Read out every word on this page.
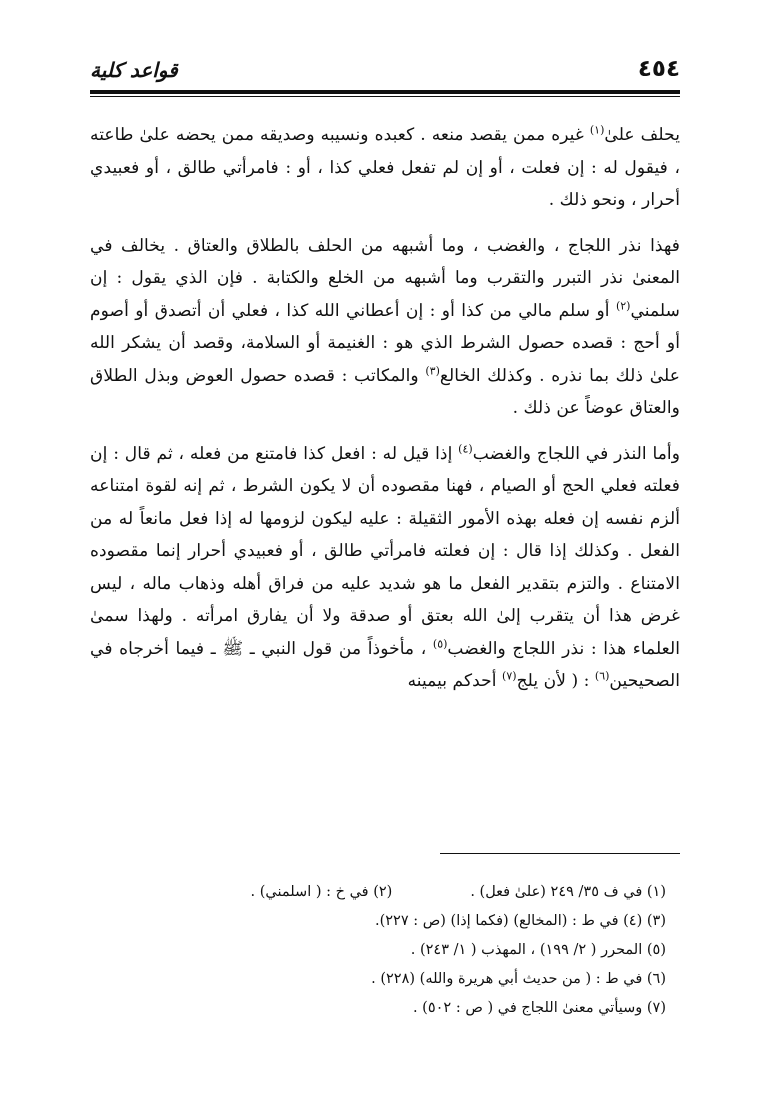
٤٥٤
قواعد كلية

يحلف علىٰ$^{(١)}$ غيره ممن يقصد منعه . كعبده ونسيبه وصديقه ممن يحضه علىٰ طاعته ، فيقول له : إن فعلت ، أو إن لم تفعل فعلي كذا ، أو : فامرأتي طالق ، أو فعبيدي أحرار ، ونحو ذلك .

فهذا نذر اللجاج ، والغضب ، وما أشبهه من الحلف بالطلاق والعتاق . يخالف في المعنىٰ نذر التبرر والتقرب وما أشبهه من الخلع والكتابة . فإن الذي يقول : إن سلمني$^{(٢)}$ أو سلم مالي من كذا أو : إن أعطاني الله كذا ، فعلي أن أتصدق أو أصوم أو أحج : قصده حصول الشرط الذي هو : الغنيمة أو السلامة، وقصد أن يشكر الله علىٰ ذلك بما نذره . وكذلك الخالع$^{(٣)}$ والمكاتب : قصده حصول العوض وبذل الطلاق والعتاق عوضاً عن ذلك .

وأما النذر في اللجاج والغضب$^{(٤)}$ إذا قيل له : افعل كذا فامتنع من فعله ، ثم قال : إن فعلته فعلي الحج أو الصيام ، فهنا مقصوده أن لا يكون الشرط ، ثم إنه لقوة امتناعه ألزم نفسه إن فعله بهذه الأمور الثقيلة : عليه ليكون لزومها له إذا فعل مانعاً له من الفعل . وكذلك إذا قال : إن فعلته فامرأتي طالق ، أو فعبيدي أحرار إنما مقصوده الامتناع . والتزم بتقدير الفعل ما هو شديد عليه من فراق أهله وذهاب ماله ، ليس غرض هذا أن يتقرب إلىٰ الله بعتق أو صدقة ولا أن يفارق امرأته . ولهذا سمىٰ العلماء هذا : نذر اللجاج والغضب$^{(٥)}$ ، مأخوذاً من قول النبي ـ ﷺ ـ فيما أخرجاه في الصحيحين$^{(٦)}$ : ( لأن يلج$^{(٧)}$ أحدكم بيمينه

(١) في ف ٣٥/ ٢٤٩ (علىٰ فعل) .(٢) في خ : ( اسلمني) .
(٣) (٤) في ط : (المخالع) (فكما إذا) (ص : ٢٢٧).
(٥) المحرر ( ٢/ ١٩٩) ، المهذب ( ١/ ٢٤٣) .
(٦) في ط : ( من حديث أبي هريرة والله) (٢٢٨) .
(٧) وسيأتي معنىٰ اللجاج في ( ص : ٥٠٢) .
